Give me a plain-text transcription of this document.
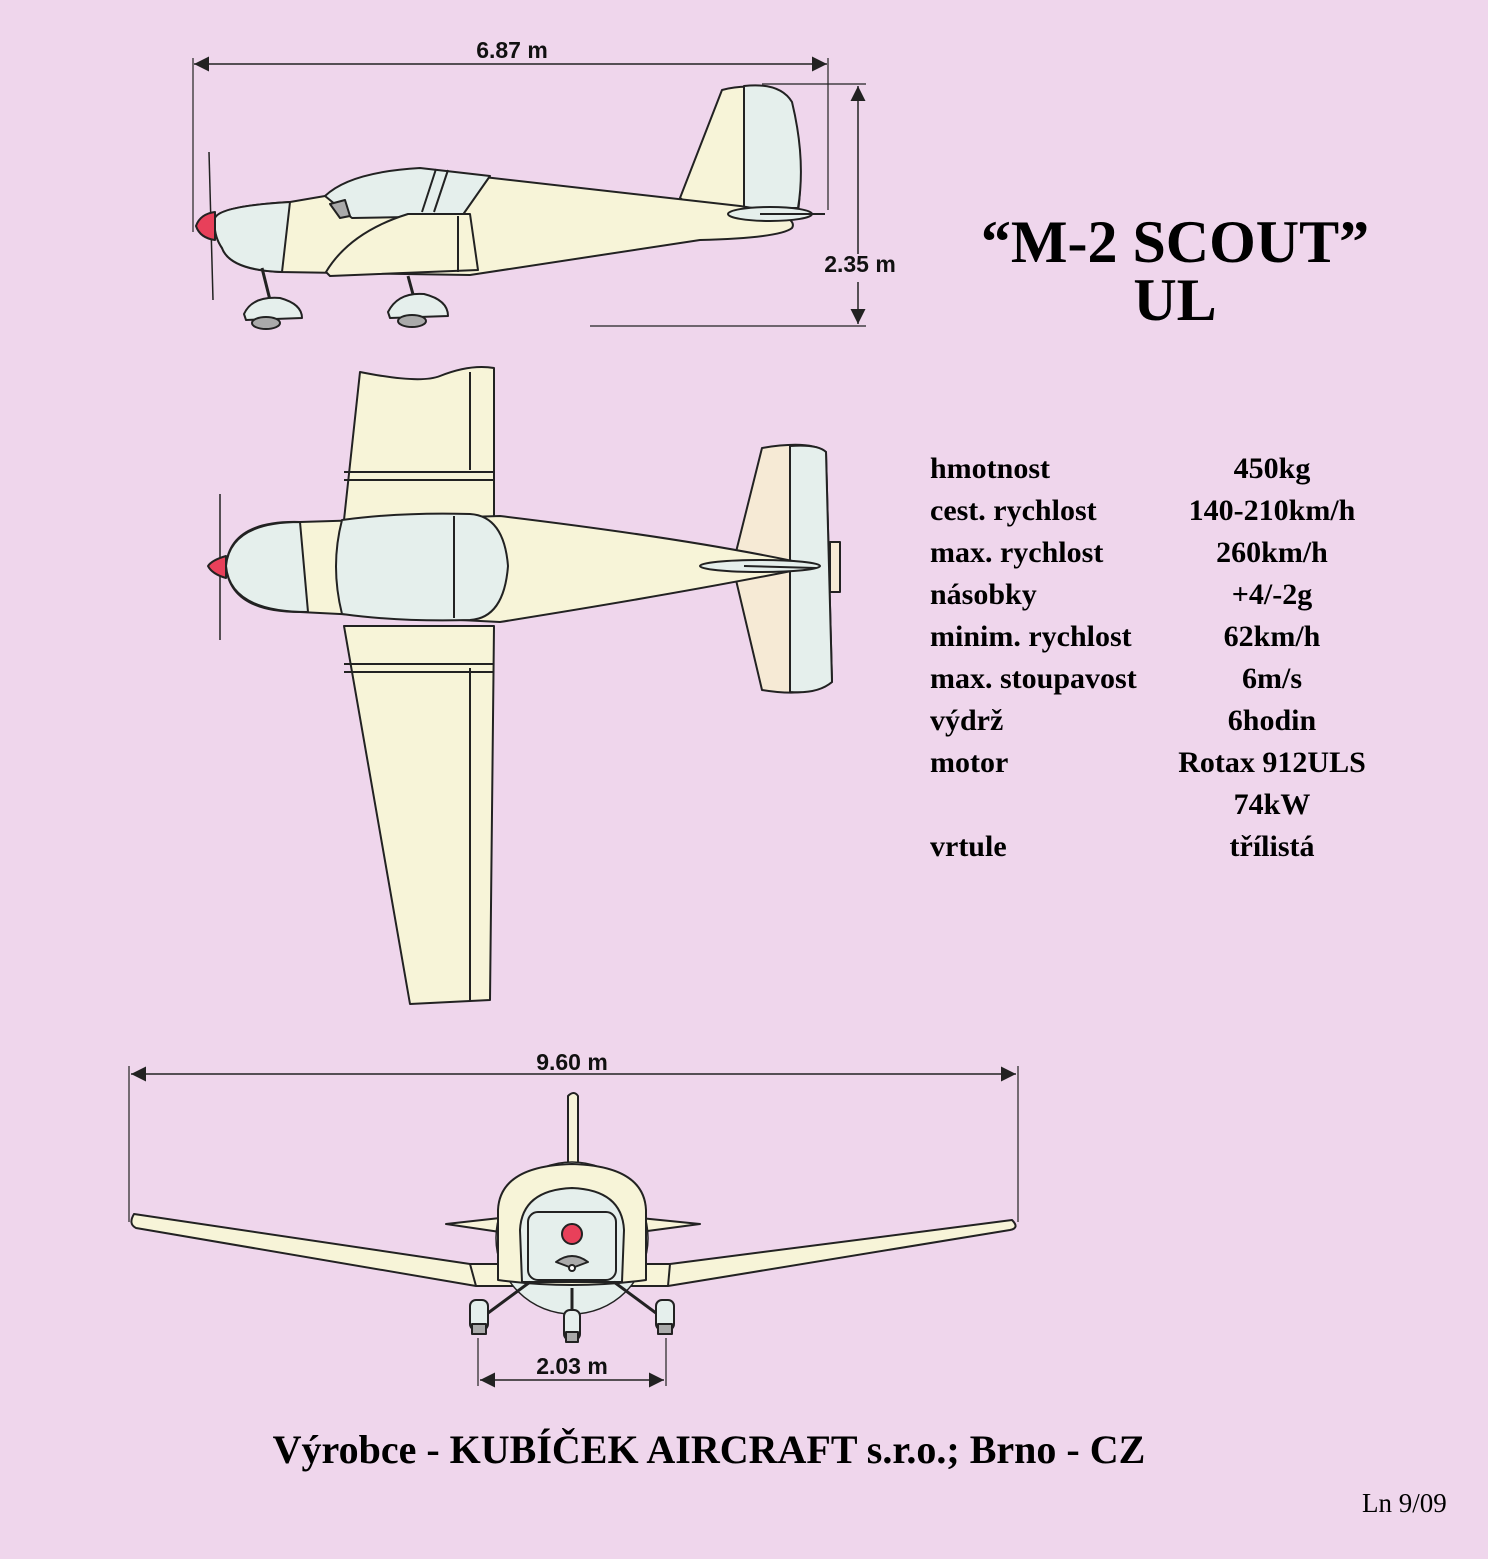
6.87 m
2.35 m
9.60 m
2.03 m
“M-2 SCOUT”
UL
hmotnost	450kg
cest. rychlost	140-210km/h
max. rychlost	260km/h
násobky	+4/-2g
minim. rychlost	62km/h
max. stoupavost	6m/s
výdrž	6hodin
motor	Rotax 912ULS
74kW
vrtule	třílistá
Výrobce - KUBÍČEK AIRCRAFT s.r.o.; Brno - CZ
Ln 9/09
